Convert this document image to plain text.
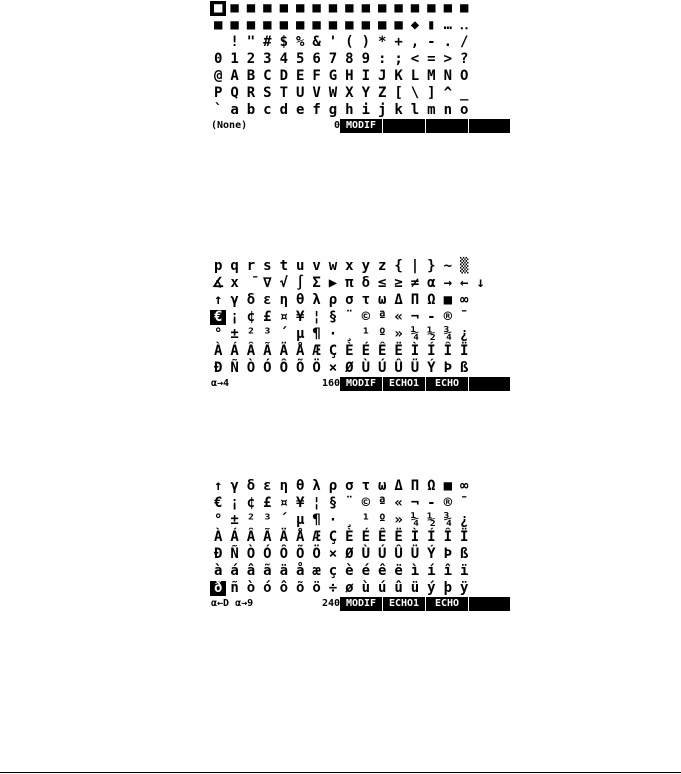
■ ■ ■ ■ ■ ■ ■ ■ ■ ■ ■ ■ ■ ■ ■ ■
■ ■ ■ ■ ■ ■ ■ ■ ■ ■ ■ ■ ◆ ▮ … ‥

! " # $ % & ' ( ) * + , - . /
0 1 2 3 4 5 6 7 8 9 : ; < = > ?
@ A B C D E F G H I J K L M N O
P Q R S T U V W X Y Z [ \ ] ^ _
` a b c d e f g h i j k l m n o
(None)	0 MODIF
p q r s t u v w x y z { | } ~ ▒
∡ x ∇ √ ∫ Σ ▶ π δ ≤ ≥ ≠ α → ← ↓
↑ γ δ ε η θ λ ρ σ τ ω Δ Π Ω ■ ∞
€ ¡ ¢ £ ¤ ¥ ¦ § ¨ © ª « ¬ - ® ¯
° ± ² ³ ´ µ ¶ · ¸ ¹ º » ¼ ½ ¾ ¿
À Á Â Ã Ä Å Æ Ç È É Ê Ë Ì Í Î Ï
Ð Ñ Ò Ó Ô Õ Ö × Ø Ù Ú Û Ü Ý Þ ß
α→4	160 MODIF	ECHO1	ECHO
↑ γ δ ε η θ λ ρ σ τ ω Δ Π Ω ■ ∞
€ ¡ ¢ £ ¤ ¥ ¦ § ¨ © ª « ¬ - ® ¯
° ± ² ³ ´ µ ¶ · ¸ ¹ º » ¼ ½ ¾ ¿
À Á Â Ã Ä Å Æ Ç È É Ê Ë Ì Í Î Ï
Ð Ñ Ò Ó Ô Õ Ö × Ø Ù Ú Û Ü Ý Þ ß
à á â ã ä å æ ç è é ê ë ì í î ï
ð ñ ò ó ô õ ö ÷ ø ù ú û ü ý þ ÿ
α←D α→9	240 MODIF	ECHO1	ECHO
